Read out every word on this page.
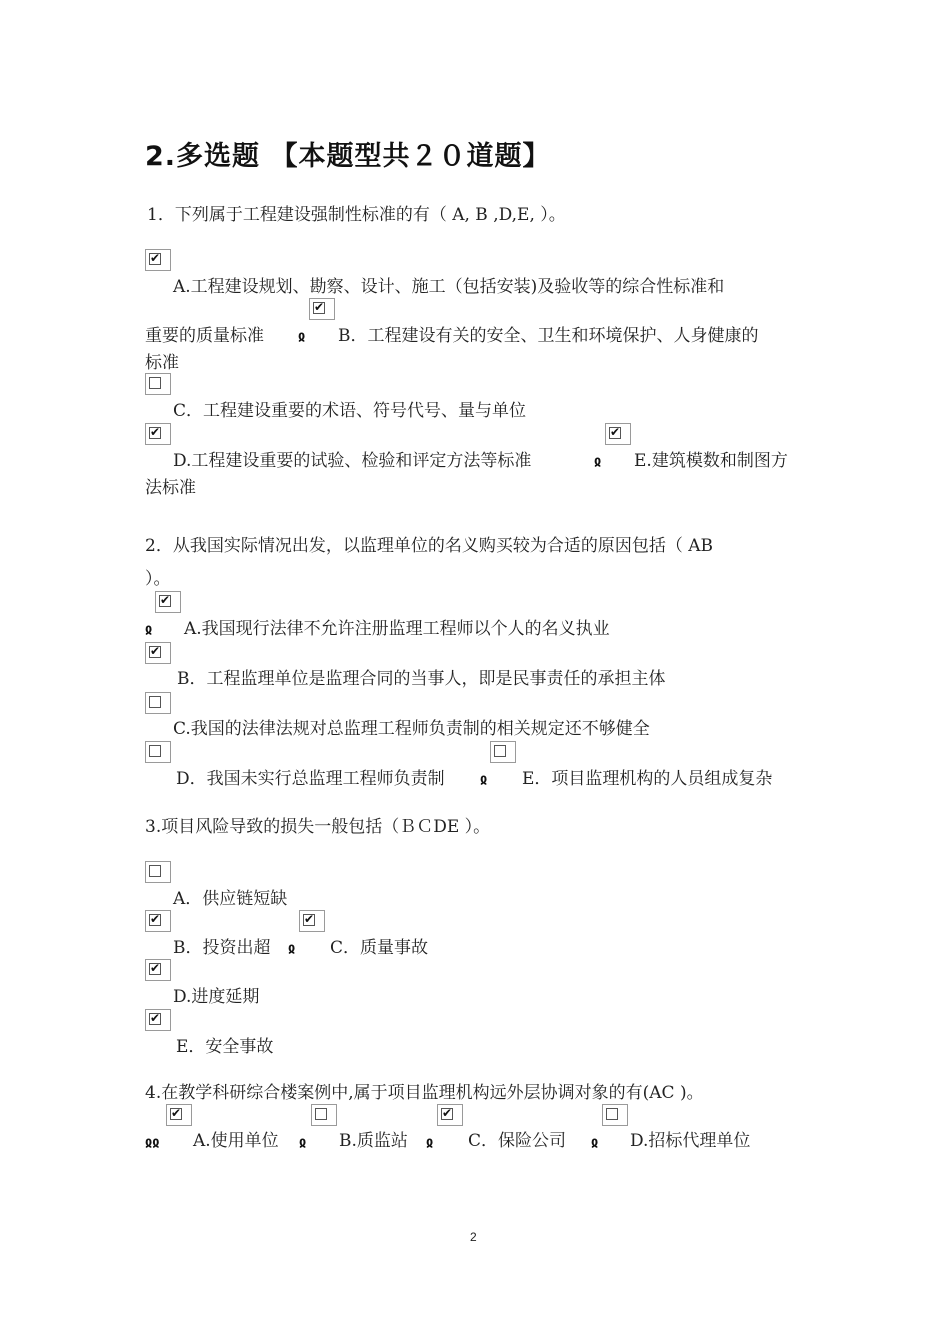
2.多选题 【本题型共２０道题】
1．下列属于工程建设强制性标准的有（ A, B ,D,E, ）。
✔
A.工程建设规划、勘察、设计、施工（包括安装)及验收等的综合性标准和
✔
重要的质量标准	ჲ B．工程建设有关的安全、卫生和环境保护、人身健康的
标准
C．工程建设重要的术语、符号代号、量与单位
✔	✔
D.工程建设重要的试验、检验和评定方法等标准	ჲ E.建筑模数和制图方
法标准
2．从我国实际情况出发，以监理单位的名义购买较为合适的原因包括（ AB
）。
✔
ჲ A.我国现行法律不允许注册监理工程师以个人的名义执业
✔
B．工程监理单位是监理合同的当事人，即是民事责任的承担主体
C.我国的法律法规对总监理工程师负责制的相关规定还不够健全
D．我国未实行总监理工程师负责制	ჲ E．项目监理机构的人员组成复杂
3.项目风险导致的损失一般包括（ＢＣDE ）。
A．供应链短缺
✔	✔
B．投资出超 ჲ C．质量事故
✔
D.进度延期
✔
E．安全事故
4.在教学科研综合楼案例中,属于项目监理机构远外层协调对象的有(AC )。
✔	✔
ჲჲ A.使用单位 ჲ B.质监站 ჲ C．保险公司 ჲ D.招标代理单位
2
